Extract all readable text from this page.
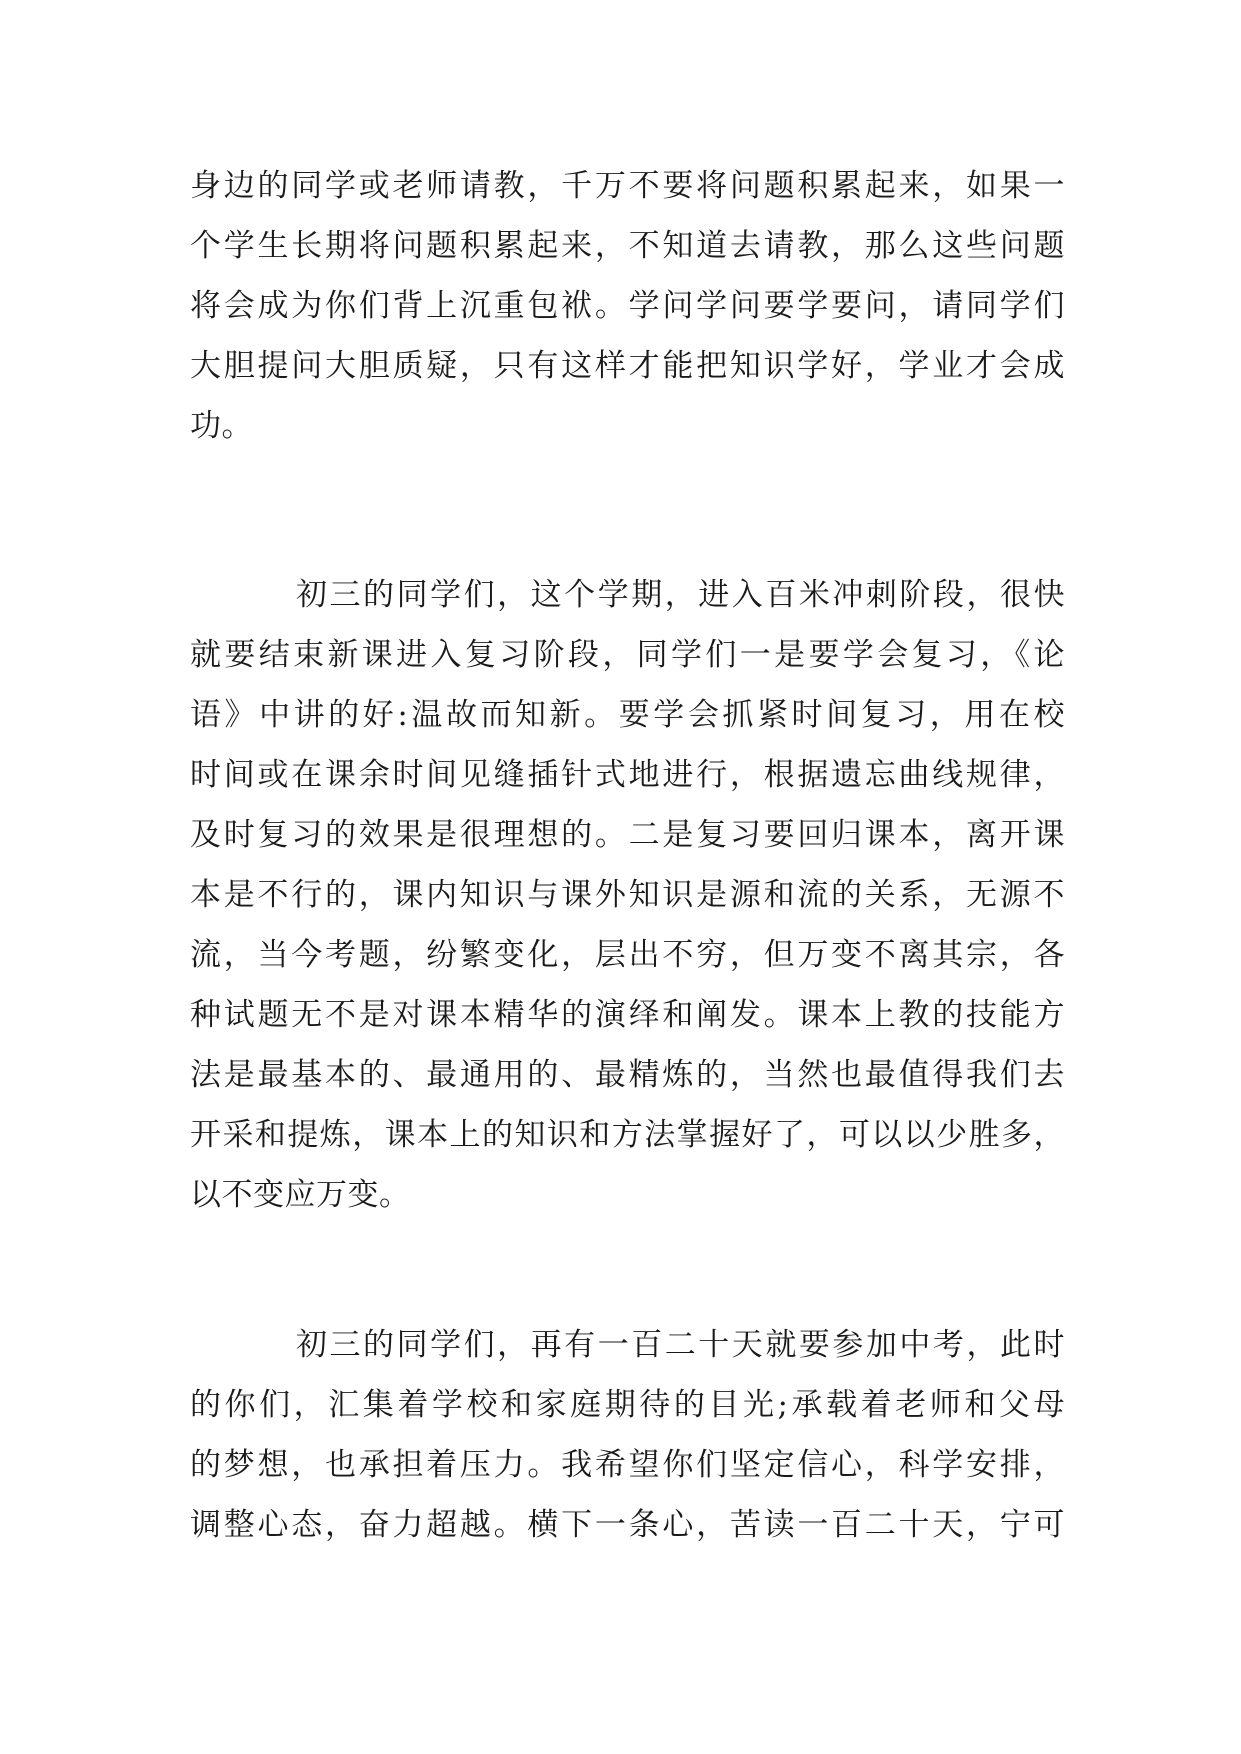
身边的同学或老师请教，千万不要将问题积累起来，如果一
个学生长期将问题积累起来，不知道去请教，那么这些问题
将会成为你们背上沉重包袱。学问学问要学要问，请同学们
大胆提问大胆质疑，只有这样才能把知识学好，学业才会成
功。
初三的同学们，这个学期，进入百米冲刺阶段，很快
就要结束新课进入复习阶段，同学们一是要学会复习，《论
语》中讲的好:温故而知新。要学会抓紧时间复习，用在校
时间或在课余时间见缝插针式地进行，根据遗忘曲线规律，
及时复习的效果是很理想的。二是复习要回归课本，离开课
本是不行的，课内知识与课外知识是源和流的关系，无源不
流，当今考题，纷繁变化，层出不穷，但万变不离其宗，各
种试题无不是对课本精华的演绎和阐发。课本上教的技能方
法是最基本的、最通用的、最精炼的，当然也最值得我们去
开采和提炼，课本上的知识和方法掌握好了，可以以少胜多，
以不变应万变。
初三的同学们，再有一百二十天就要参加中考，此时
的你们，汇集着学校和家庭期待的目光;承载着老师和父母
的梦想，也承担着压力。我希望你们坚定信心，科学安排，
调整心态，奋力超越。横下一条心，苦读一百二十天，宁可
